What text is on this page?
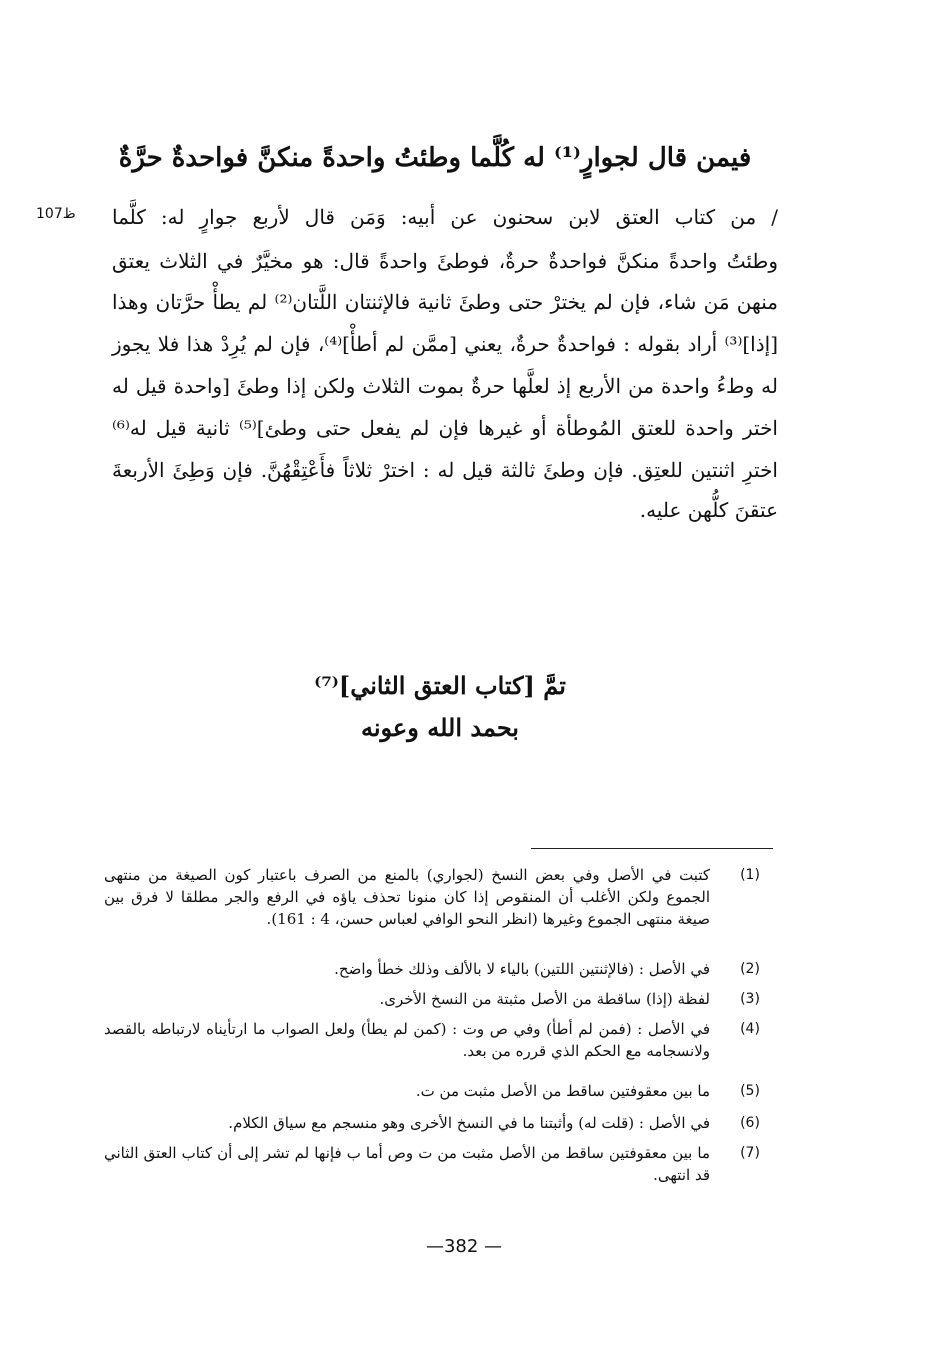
فيمن قال لجوارٍ⁽¹⁾ له كُلَّما وطئتُ واحدةً منكنَّ فواحدةٌ حرَّةٌ
ظ107 / من كتاب العتق لابن سحنون عن أبيه: وَمَن قال لأربع جوارٍ له: كلَّما
وطئتُ واحدةً منكنَّ فواحدةٌ حرةٌ، فوطئَ واحدةً قال: هو مخيَّرٌ في الثلاث يعتق
منهن مَن شاء، فإن لم يخترْ حتى وطئَ ثانية فالإثنتان اللَّتان⁽²⁾ لم يطأْ حرَّتان وهذا
[إذا]⁽³⁾ أراد بقوله : فواحدةٌ حرةٌ، يعني [ممَّن لم أطأْ]⁽⁴⁾، فإن لم يُرِدْ هذا فلا يجوز
له وطءُ واحدة من الأربع إذ لعلَّها حرةٌ بموت الثلاث ولكن إذا وطئَ [واحدة قيل له
اختر واحدة للعتق المُوطأة أو غيرها فإن لم يفعل حتى وطئ]⁽⁵⁾ ثانية قيل له⁽⁶⁾
اخترِ اثنتين للعتِق. فإن وطئَ ثالثة قيل له : اخترْ ثلاثاً فأَعْتِقْهُنَّ. فإن وَطِئَ الأربعةَ
عتقنَ كلُّهن عليه.
تمَّ [كتاب العتق الثاني]⁽⁷⁾
بحمد الله وعونه
(1)
كتبت في الأصل وفي بعض النسخ (لجواري) بالمنع من الصرف باعتبار كون الصيغة من منتهى الجموع ولكن الأغلب أن المنقوص إذا كان منونا تحذف ياؤه في الرفع والجر مطلقا لا فرق بين صيغة منتهى الجموع وغيرها (انظر النحو الوافي لعباس حسن، 4 : 161).
(2)
في الأصل : (فالإثنتين اللتين) بالياء لا بالألف وذلك خطأ واضح.
(3)
لفظة (إذا) ساقطة من الأصل مثبتة من النسخ الأخرى.
(4)
في الأصل : (فمن لم أطأ) وفي ص وت : (كمن لم يطأ) ولعل الصواب ما ارتأيناه لارتباطه بالقصد ولانسجامه مع الحكم الذي قرره من بعد.
(5)
ما بين معقوفتين ساقط من الأصل مثبت من ت.
(6)
في الأصل : (قلت له) وأثبتنا ما في النسخ الأخرى وهو منسجم مع سياق الكلام.
(7)
ما بين معقوفتين ساقط من الأصل مثبت من ت وص أما ب فإنها لم تشر إلى أن كتاب العتق الثاني قد انتهى.
—382 —
